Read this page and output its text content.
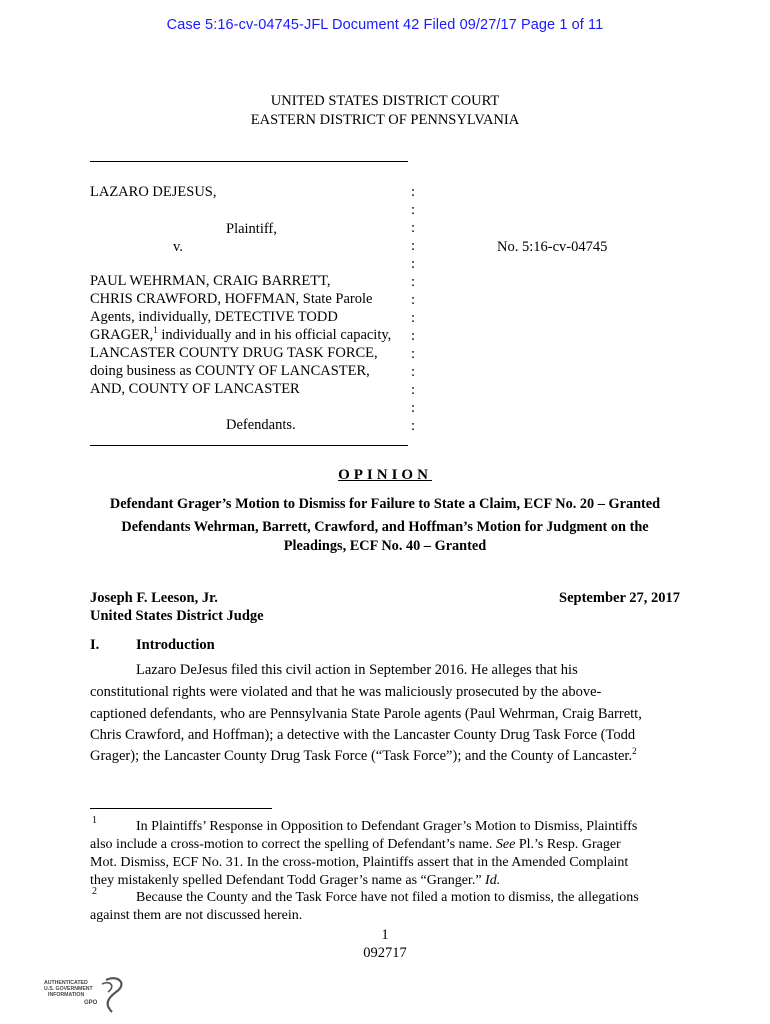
Case 5:16-cv-04745-JFL Document 42 Filed 09/27/17 Page 1 of 11
UNITED STATES DISTRICT COURT
EASTERN DISTRICT OF PENNSYLVANIA
LAZARO DEJESUS,
Plaintiff,
v.
PAUL WEHRMAN, CRAIG BARRETT,
CHRIS CRAWFORD, HOFFMAN, State Parole
Agents, individually, DETECTIVE TODD
GRAGER,$^1$ individually and in his official capacity,
LANCASTER COUNTY DRUG TASK FORCE,
doing business as COUNTY OF LANCASTER,
AND, COUNTY OF LANCASTER
Defendants.
:
:
:
:
:
:
:
:
:
:
:
:
:
:
No. 5:16-cv-04745
OPINION
Defendant Grager’s Motion to Dismiss for Failure to State a Claim, ECF No. 20 – Granted
Defendants Wehrman, Barrett, Crawford, and Hoffman’s Motion for Judgment on the
Pleadings, ECF No. 40 – Granted
Joseph F. Leeson, Jr.
United States District Judge
September 27, 2017
I.	Introduction
Lazaro DeJesus filed this civil action in September 2016. He alleges that his
constitutional rights were violated and that he was maliciously prosecuted by the above-
captioned defendants, who are Pennsylvania State Parole agents (Paul Wehrman, Craig Barrett,
Chris Crawford, and Hoffman); a detective with the Lancaster County Drug Task Force (Todd
Grager); the Lancaster County Drug Task Force (“Task Force”); and the County of Lancaster.$^2$
1	In Plaintiffs’ Response in Opposition to Defendant Grager’s Motion to Dismiss, Plaintiffs
also include a cross-motion to correct the spelling of Defendant’s name. See Pl.’s Resp. Grager
Mot. Dismiss, ECF No. 31. In the cross-motion, Plaintiffs assert that in the Amended Complaint
they mistakenly spelled Defendant Todd Grager’s name as “Granger.” Id.
2	Because the County and the Task Force have not filed a motion to dismiss, the allegations
against them are not discussed herein.
1
092717
AUTHENTICATED
U.S. GOVERNMENT
INFORMATION
GPO
